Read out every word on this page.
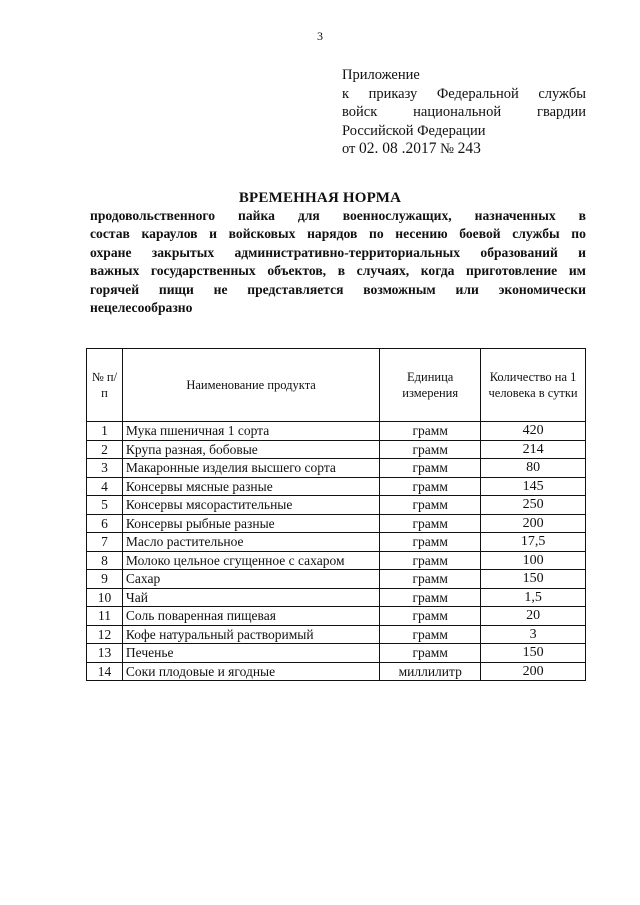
3
Приложение
к приказу Федеральной службы
войск национальной гвардии
Российской Федерации
от 02. 08 .2017 № 243
ВРЕМЕННАЯ НОРМА
продовольственного пайка для военнослужащих, назначенных в
состав караулов и войсковых нарядов по несению боевой службы по
охране закрытых административно-территориальных образований и
важных государственных объектов, в случаях, когда приготовление им
горячей пищи не представляется возможным или экономически
нецелесообразно
№ п/п	Наименование продукта	Единица измерения	Количество на 1 человека в сутки
1	Мука пшеничная 1 сорта	грамм	420
2	Крупа разная, бобовые	грамм	214
3	Макаронные изделия высшего сорта	грамм	80
4	Консервы мясные разные	грамм	145
5	Консервы мясорастительные	грамм	250
6	Консервы рыбные разные	грамм	200
7	Масло растительное	грамм	17,5
8	Молоко цельное сгущенное с сахаром	грамм	100
9	Сахар	грамм	150
10	Чай	грамм	1,5
11	Соль поваренная пищевая	грамм	20
12	Кофе натуральный растворимый	грамм	3
13	Печенье	грамм	150
14	Соки плодовые и ягодные	миллилитр	200
